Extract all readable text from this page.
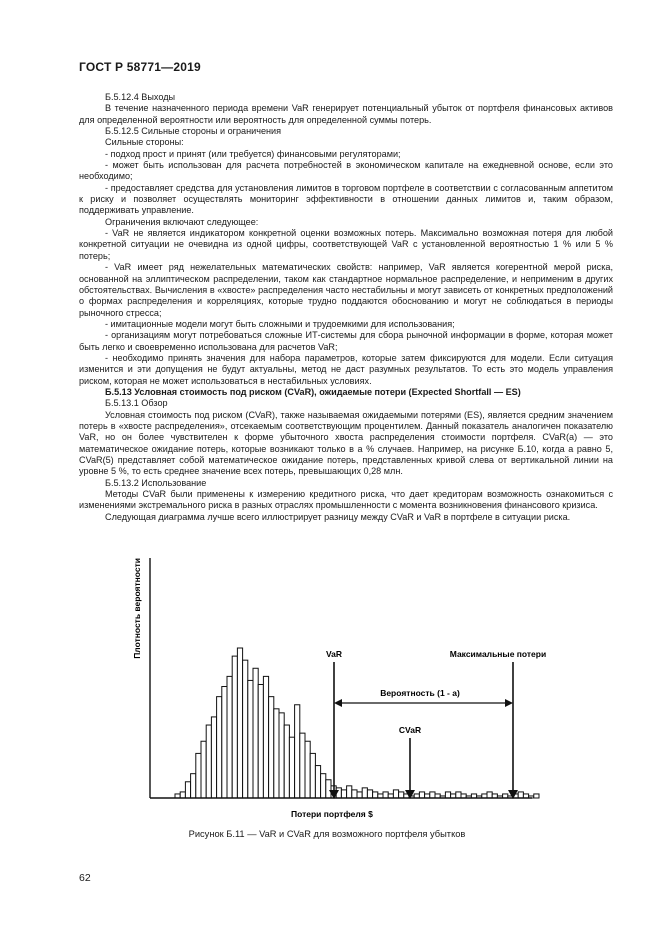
ГОСТ Р 58771—2019

Б.5.12.4 Выходы

В течение назначенного периода времени VaR генерирует потенциальный убыток от портфеля финансовых активов для определенной вероятности или вероятность для определенной суммы потерь.

Б.5.12.5 Сильные стороны и ограничения

Сильные стороны:

- подход прост и принят (или требуется) финансовыми регуляторами;

- может быть использован для расчета потребностей в экономическом капитале на ежедневной основе, если это необходимо;

- предоставляет средства для установления лимитов в торговом портфеле в соответствии с согласованным аппетитом к риску и позволяет осуществлять мониторинг эффективности в отношении данных лимитов и, таким образом, поддерживать управление.

Ограничения включают следующее:

- VaR не является индикатором конкретной оценки возможных потерь. Максимально возможная потеря для любой конкретной ситуации не очевидна из одной цифры, соответствующей VaR с установленной вероятностью 1 % или 5 % потерь;

- VaR имеет ряд нежелательных математических свойств: например, VaR является когерентной мерой риска, основанной на эллиптическом распределении, таком как стандартное нормальное распределение, и неприменим в других обстоятельствах. Вычисления в «хвосте» распределения часто нестабильны и могут зависеть от конкретных предположений о формах распределения и корреляциях, которые трудно поддаются обоснованию и могут не соблюдаться в периоды рыночного стресса;

- имитационные модели могут быть сложными и трудоемкими для использования;

- организациям могут потребоваться сложные ИТ-системы для сбора рыночной информации в форме, которая может быть легко и своевременно использована для расчетов VaR;

- необходимо принять значения для набора параметров, которые затем фиксируются для модели. Если ситуация изменится и эти допущения не будут актуальны, метод не даст разумных результатов. То есть это модель управления риском, которая не может использоваться в нестабильных условиях.

Б.5.13 Условная стоимость под риском (CVaR), ожидаемые потери (Expected Shortfall — ES)

Б.5.13.1 Обзор

Условная стоимость под риском (CVaR), также называемая ожидаемыми потерями (ES), является средним значением потерь в «хвосте распределения», отсекаемым соответствующим процентилем. Данный показатель аналогичен показателю VaR, но он более чувствителен к форме убыточного хвоста распределения стоимости портфеля. CVaR(a) — это математическое ожидание потерь, которые возникают только в a % случаев. Например, на рисунке Б.10, когда a равно 5, CVaR(5) представляет собой математическое ожидание потерь, представленных кривой слева от вертикальной линии на уровне 5 %, то есть среднее значение всех потерь, превышающих 0,28 млн.

Б.5.13.2 Использование

Методы CVaR были применены к измерению кредитного риска, что дает кредиторам возможность ознакомиться с изменениями экстремального риска в разных отраслях промышленности с момента возникновения финансового кризиса.

Следующая диаграмма лучше всего иллюстрирует разницу между CVaR и VaR в портфеле в ситуации риска.

Плотность вероятности
Потери портфеля $
VaR	Максимальные потери
CVaR
Вероятность (1 - a)
Рисунок Б.11 — VaR и CVaR для возможного портфеля убытков
62
